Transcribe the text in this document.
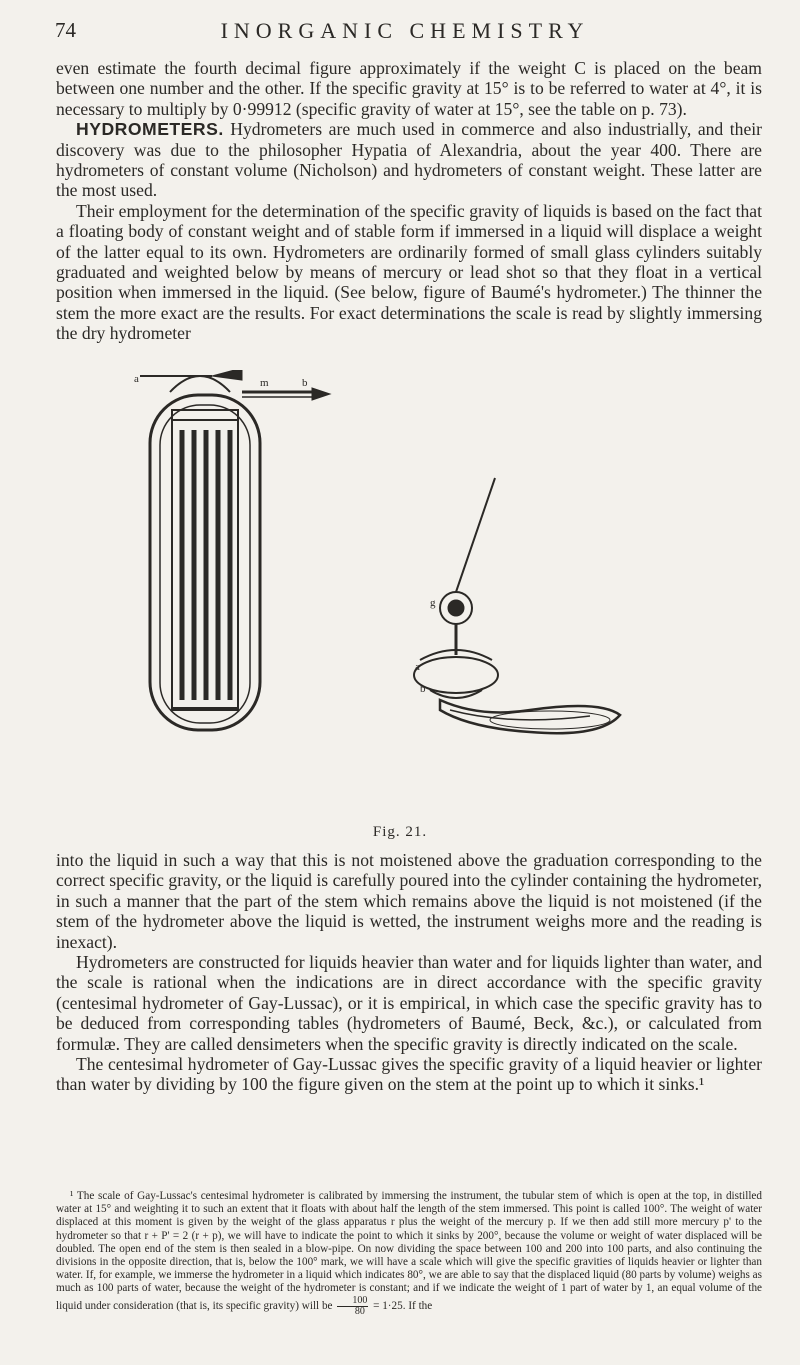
74	INORGANIC CHEMISTRY

even estimate the fourth decimal figure approximately if the weight C is placed on the beam between one number and the other. If the specific gravity at 15° is to be referred to water at 4°, it is necessary to multiply by 0·99912 (specific gravity of water at 15°, see the table on p. 73).

HYDROMETERS. Hydrometers are much used in commerce and also industrially, and their discovery was due to the philosopher Hypatia of Alexandria, about the year 400. There are hydrometers of constant volume (Nicholson) and hydrometers of constant weight. These latter are the most used.

Their employment for the determination of the specific gravity of liquids is based on the fact that a floating body of constant weight and of stable form if immersed in a liquid will displace a weight of the latter equal to its own. Hydrometers are ordinarily formed of small glass cylinders suitably graduated and weighted below by means of mercury or lead shot so that they float in a vertical position when immersed in the liquid. (See below, figure of Baumé's hydrometer.) The thinner the stem the more exact are the results. For exact determinations the scale is read by slightly immersing the dry hydrometer

a	m	b
g
a
b
Fig. 21.

into the liquid in such a way that this is not moistened above the graduation corresponding to the correct specific gravity, or the liquid is carefully poured into the cylinder containing the hydrometer, in such a manner that the part of the stem which remains above the liquid is not moistened (if the stem of the hydrometer above the liquid is wetted, the instrument weighs more and the reading is inexact).

Hydrometers are constructed for liquids heavier than water and for liquids lighter than water, and the scale is rational when the indications are in direct accordance with the specific gravity (centesimal hydrometer of Gay-Lussac), or it is empirical, in which case the specific gravity has to be deduced from corresponding tables (hydrometers of Baumé, Beck, &c.), or calculated from formulæ. They are called densimeters when the specific gravity is directly indicated on the scale.

The centesimal hydrometer of Gay-Lussac gives the specific gravity of a liquid heavier or lighter than water by dividing by 100 the figure given on the stem at the point up to which it sinks.¹

¹ The scale of Gay-Lussac's centesimal hydrometer is calibrated by immersing the instrument, the tubular stem of which is open at the top, in distilled water at 15° and weighting it to such an extent that it floats with about half the length of the stem immersed. This point is called 100°. The weight of water displaced at this moment is given by the weight of the glass apparatus r plus the weight of the mercury p. If we then add still more mercury p' to the hydrometer so that r + P' = 2 (r + p), we will have to indicate the point to which it sinks by 200°, because the volume or weight of water displaced will be doubled. The open end of the stem is then sealed in a blow-pipe. On now dividing the space between 100 and 200 into 100 parts, and also continuing the divisions in the opposite direction, that is, below the 100° mark, we will have a scale which will give the specific gravities of liquids heavier or lighter than water. If, for example, we immerse the hydrometer in a liquid which indicates 80°, we are able to say that the displaced liquid (80 parts by volume) weighs as much as 100 parts of water, because the weight of the hydrometer is constant; and if we indicate the weight of 1 part of water by 1, an equal volume of the liquid under consideration (that is, its specific gravity) will be $\frac{100}{80} = 1\cdot 25$. If the
